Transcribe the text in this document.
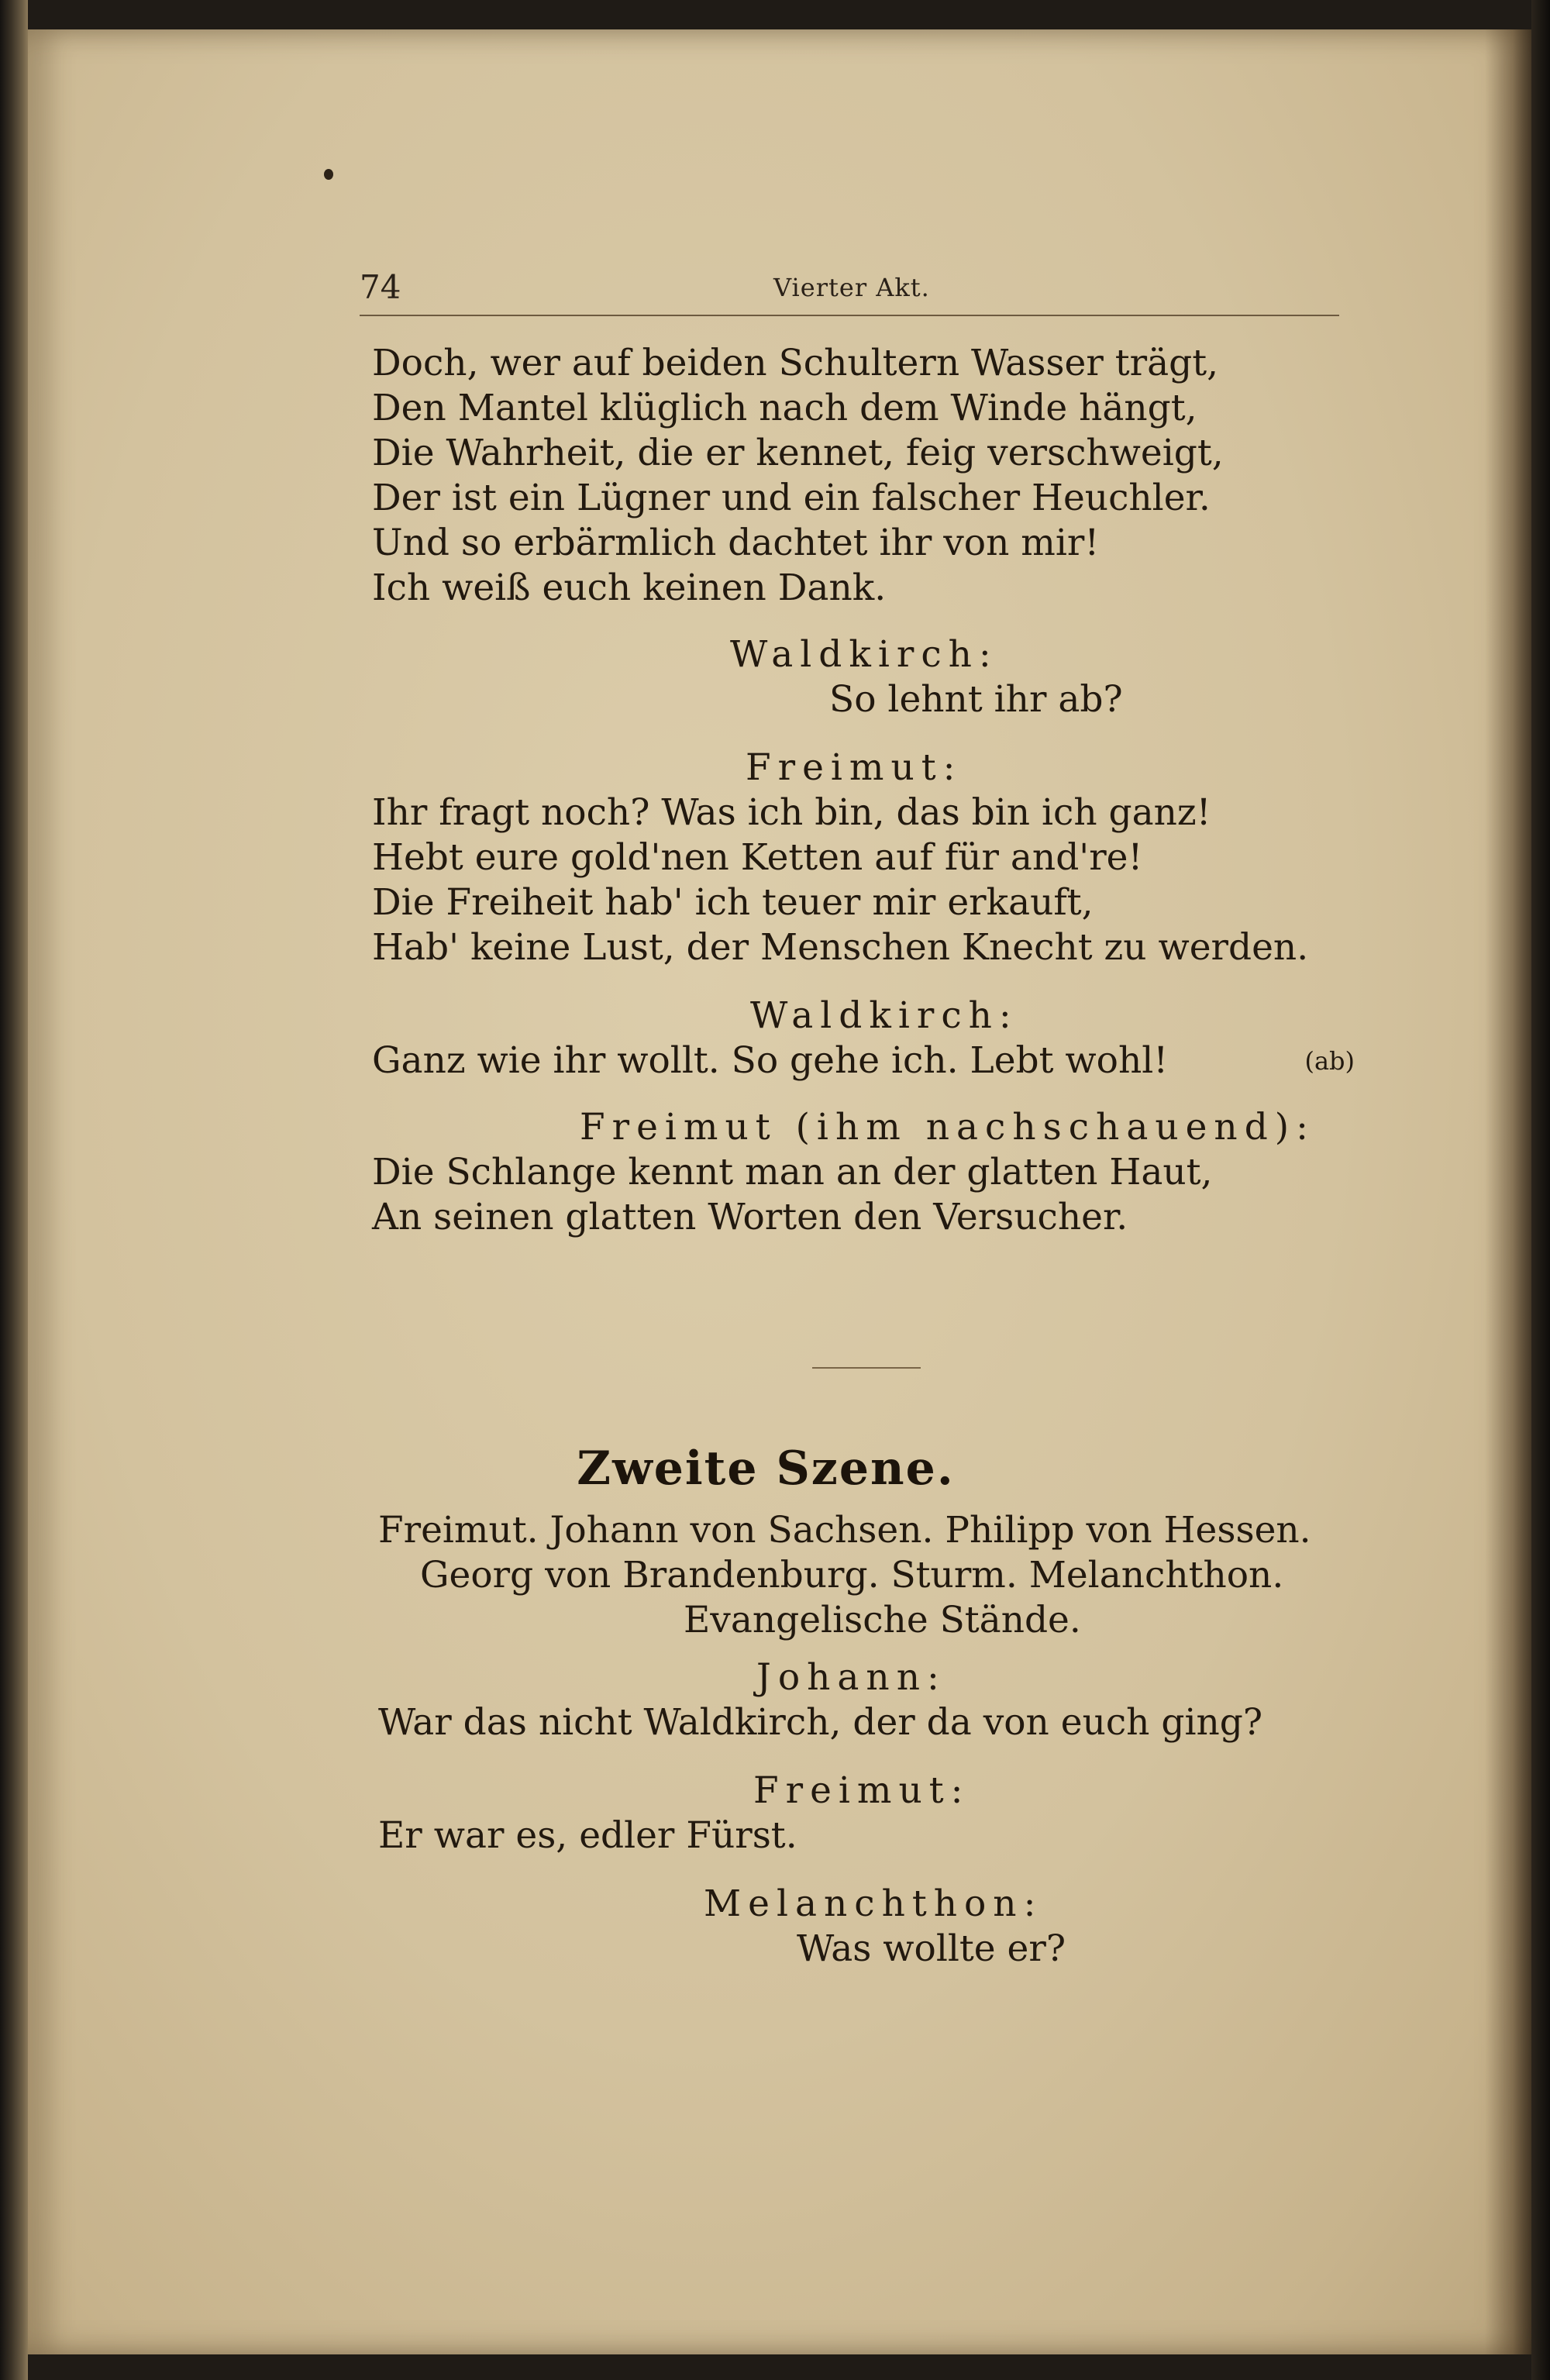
74	Vierter Akt.
Doch, wer auf beiden Schultern Wasser trägt,
Den Mantel klüglich nach dem Winde hängt,
Die Wahrheit, die er kennet, feig verschweigt,
Der ist ein Lügner und ein falscher Heuchler.
Und so erbärmlich dachtet ihr von mir!
Ich weiß euch keinen Dank.
Waldkirch:
So lehnt ihr ab?
Freimut:
Ihr fragt noch? Was ich bin, das bin ich ganz!
Hebt eure gold'nen Ketten auf für and're!
Die Freiheit hab' ich teuer mir erkauft,
Hab' keine Lust, der Menschen Knecht zu werden.
Waldkirch:
Ganz wie ihr wollt. So gehe ich. Lebt wohl!	(ab)
Freimut (ihm nachschauend):
Die Schlange kennt man an der glatten Haut,
An seinen glatten Worten den Versucher.
Zweite Szene.
Freimut. Johann von Sachsen. Philipp von Hessen.
Georg von Brandenburg. Sturm. Melanchthon.
Evangelische Stände.
Johann:
War das nicht Waldkirch, der da von euch ging?
Freimut:
Er war es, edler Fürst.
Melanchthon:
Was wollte er?
